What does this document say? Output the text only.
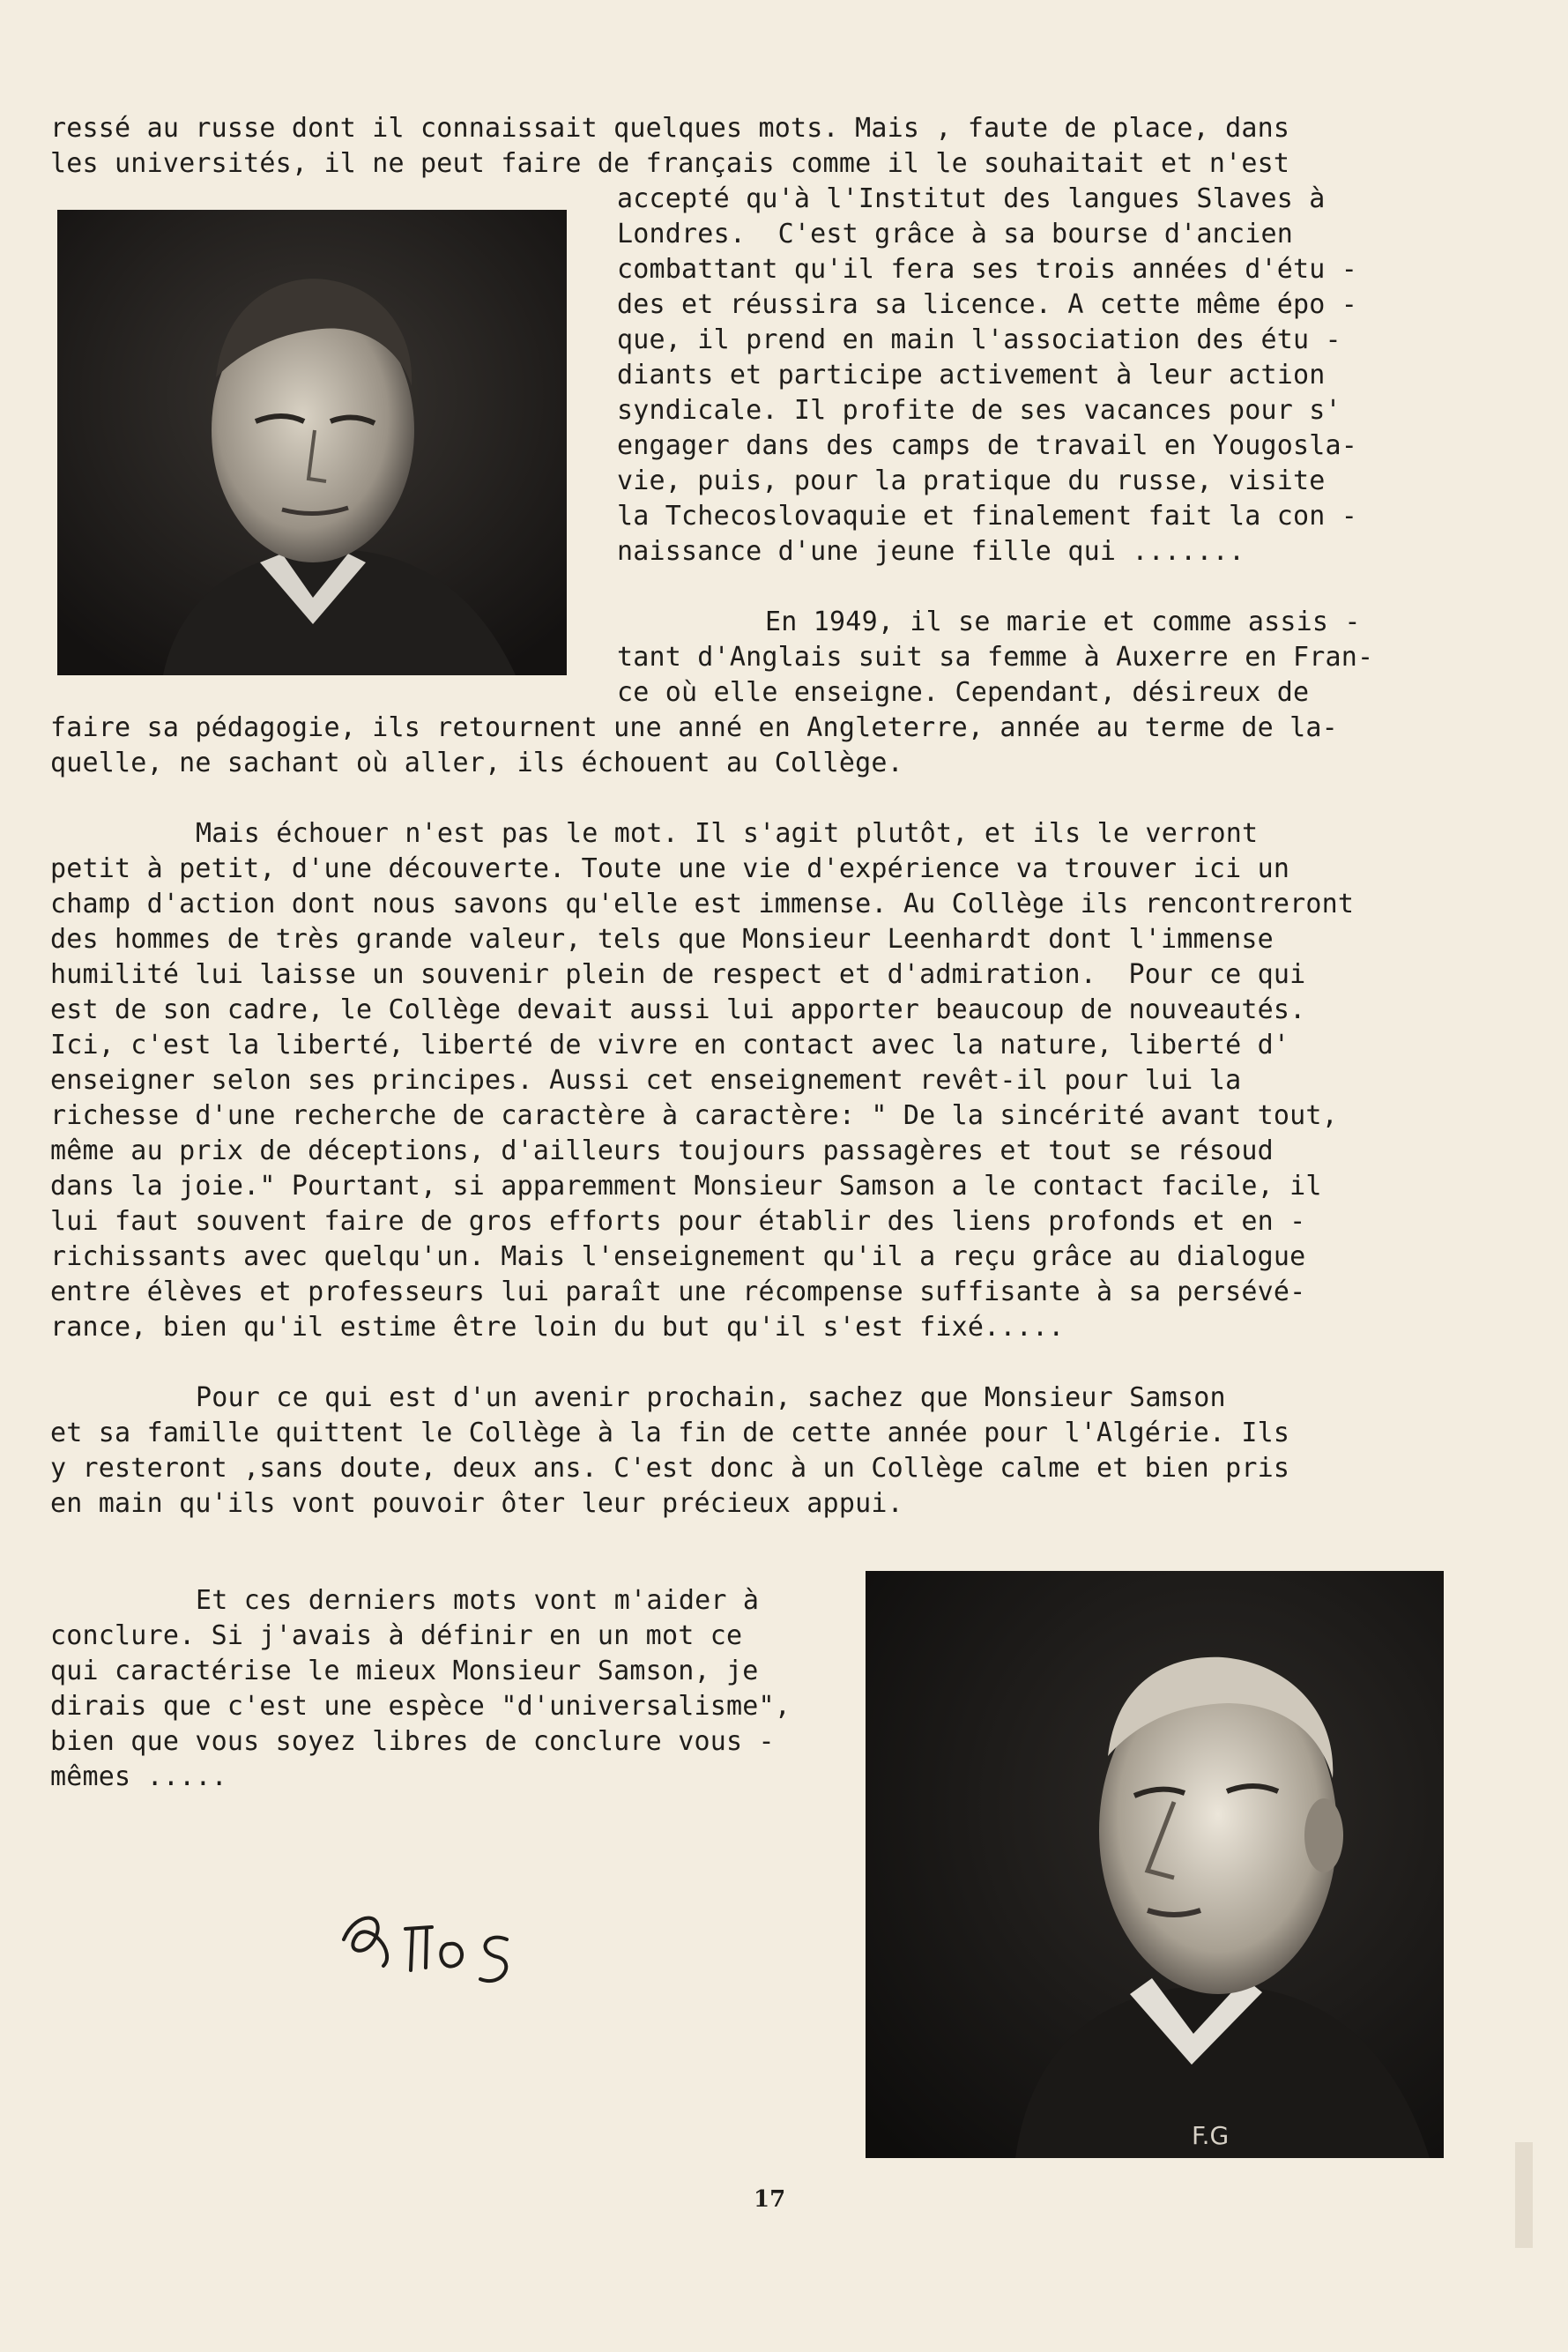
ressé au russe dont il connaissait quelques mots. Mais , faute de place, dans
les universités, il ne peut faire de français comme il le souhaitait et n'est
accepté qu'à l'Institut des langues Slaves à
Londres.  C'est grâce à sa bourse d'ancien
combattant qu'il fera ses trois années d'étu -
des et réussira sa licence. A cette même épo -
que, il prend en main l'association des étu -
diants et participe activement à leur action
syndicale. Il profite de ses vacances pour s'
engager dans des camps de travail en Yougosla-
vie, puis, pour la pratique du russe, visite
la Tchecoslovaquie et finalement fait la con -
naissance d'une jeune fille qui .......
En 1949, il se marie et comme assis -
tant d'Anglais suit sa femme à Auxerre en Fran-
ce où elle enseigne. Cependant, désireux de
faire sa pédagogie, ils retournent une anné en Angleterre, année au terme de la-
quelle, ne sachant où aller, ils échouent au Collège.
Mais échouer n'est pas le mot. Il s'agit plutôt, et ils le verront
petit à petit, d'une découverte. Toute une vie d'expérience va trouver ici un
champ d'action dont nous savons qu'elle est immense. Au Collège ils rencontreront
des hommes de très grande valeur, tels que Monsieur Leenhardt dont l'immense
humilité lui laisse un souvenir plein de respect et d'admiration.  Pour ce qui
est de son cadre, le Collège devait aussi lui apporter beaucoup de nouveautés.
Ici, c'est la liberté, liberté de vivre en contact avec la nature, liberté d'
enseigner selon ses principes. Aussi cet enseignement revêt-il pour lui la
richesse d'une recherche de caractère à caractère: " De la sincérité avant tout,
même au prix de déceptions, d'ailleurs toujours passagères et tout se résoud
dans la joie." Pourtant, si apparemment Monsieur Samson a le contact facile, il
lui faut souvent faire de gros efforts pour établir des liens profonds et en -
richissants avec quelqu'un. Mais l'enseignement qu'il a reçu grâce au dialogue
entre élèves et professeurs lui paraît une récompense suffisante à sa persévé-
rance, bien qu'il estime être loin du but qu'il s'est fixé.....
Pour ce qui est d'un avenir prochain, sachez que Monsieur Samson
et sa famille quittent le Collège à la fin de cette année pour l'Algérie. Ils
y resteront ,sans doute, deux ans. C'est donc à un Collège calme et bien pris
en main qu'ils vont pouvoir ôter leur précieux appui.
Et ces derniers mots vont m'aider à
conclure. Si j'avais à définir en un mot ce
qui caractérise le mieux Monsieur Samson, je
dirais que c'est une espèce "d'universalisme",
bien que vous soyez libres de conclure vous -
mêmes .....
F.G
17
